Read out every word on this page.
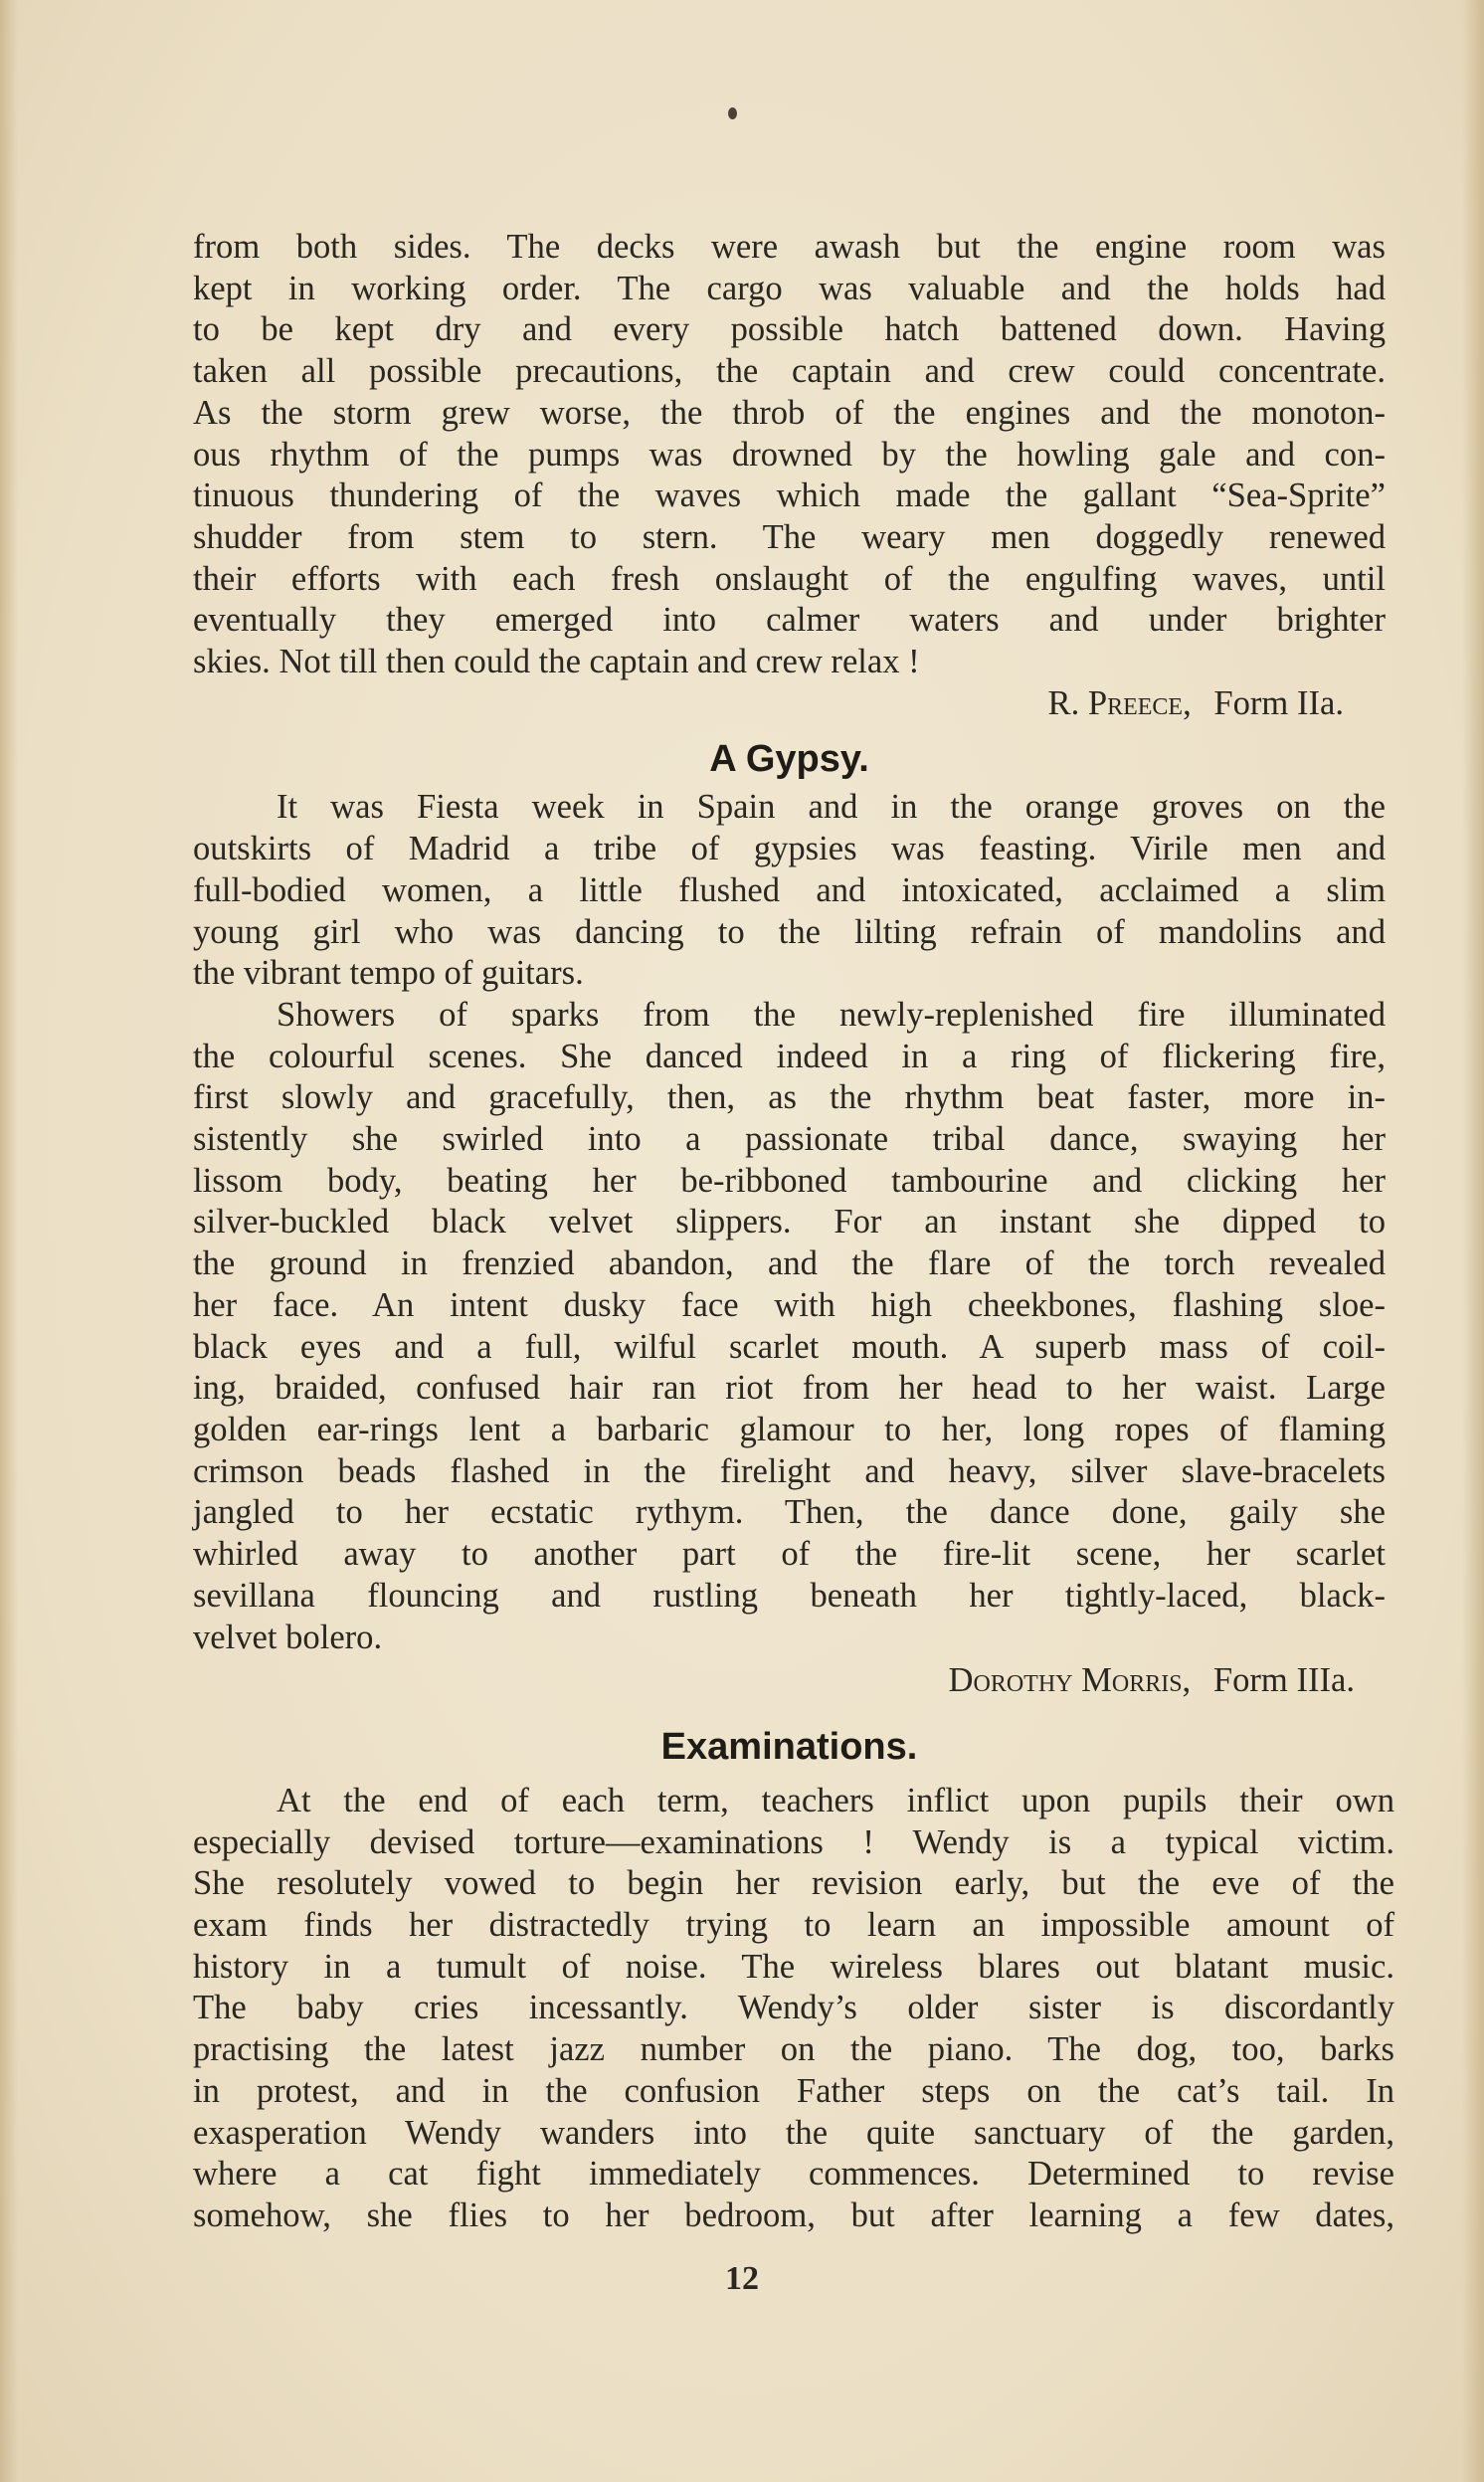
from both sides. The decks were awash but the engine room was
kept in working order. The cargo was valuable and the holds had
to be kept dry and every possible hatch battened down. Having
taken all possible precautions, the captain and crew could concentrate.
As the storm grew worse, the throb of the engines and the monoton-
ous rhythm of the pumps was drowned by the howling gale and con-
tinuous thundering of the waves which made the gallant “Sea-Sprite”
shudder from stem to stern. The weary men doggedly renewed
their efforts with each fresh onslaught of the engulfing waves, until
eventually they emerged into calmer waters and under brighter
skies. Not till then could the captain and crew relax !
R. Preece, Form IIa.
A Gypsy.
It was Fiesta week in Spain and in the orange groves on the
outskirts of Madrid a tribe of gypsies was feasting. Virile men and
full-bodied women, a little flushed and intoxicated, acclaimed a slim
young girl who was dancing to the lilting refrain of mandolins and
the vibrant tempo of guitars.
Showers of sparks from the newly-replenished fire illuminated
the colourful scenes. She danced indeed in a ring of flickering fire,
first slowly and gracefully, then, as the rhythm beat faster, more in-
sistently she swirled into a passionate tribal dance, swaying her
lissom body, beating her be-ribboned tambourine and clicking her
silver-buckled black velvet slippers. For an instant she dipped to
the ground in frenzied abandon, and the flare of the torch revealed
her face. An intent dusky face with high cheekbones, flashing sloe-
black eyes and a full, wilful scarlet mouth. A superb mass of coil-
ing, braided, confused hair ran riot from her head to her waist. Large
golden ear-rings lent a barbaric glamour to her, long ropes of flaming
crimson beads flashed in the firelight and heavy, silver slave-bracelets
jangled to her ecstatic rythym. Then, the dance done, gaily she
whirled away to another part of the fire-lit scene, her scarlet
sevillana flouncing and rustling beneath her tightly-laced, black-
velvet bolero.
Dorothy Morris, Form IIIa.
Examinations.
At the end of each term, teachers inflict upon pupils their own
especially devised torture—examinations ! Wendy is a typical victim.
She resolutely vowed to begin her revision early, but the eve of the
exam finds her distractedly trying to learn an impossible amount of
history in a tumult of noise. The wireless blares out blatant music.
The baby cries incessantly. Wendy’s older sister is discordantly
practising the latest jazz number on the piano. The dog, too, barks
in protest, and in the confusion Father steps on the cat’s tail. In
exasperation Wendy wanders into the quite sanctuary of the garden,
where a cat fight immediately commences. Determined to revise
somehow, she flies to her bedroom, but after learning a few dates,
12
